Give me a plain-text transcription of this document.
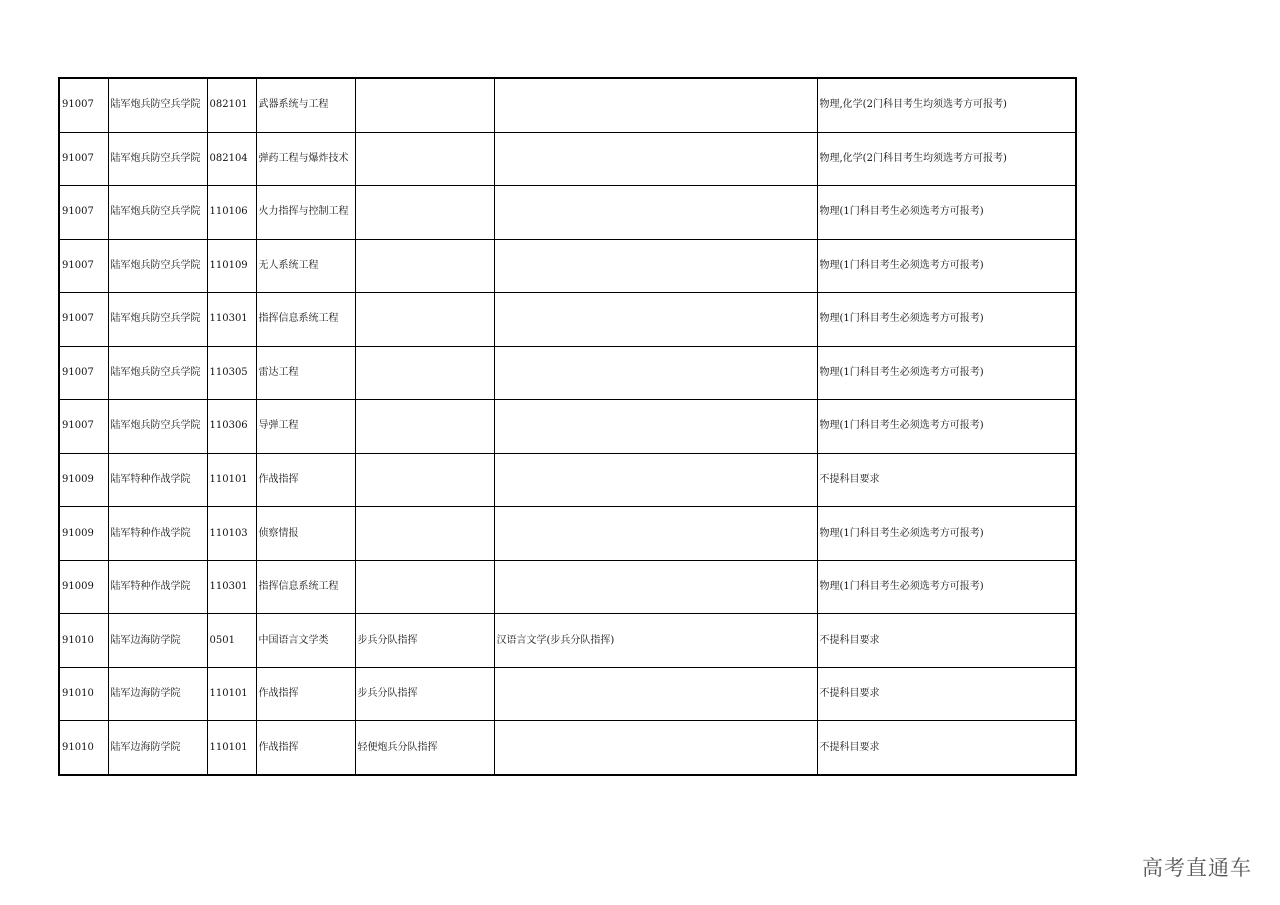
91007	陆军炮兵防空兵学院	082101	武器系统与工程			物理,化学(2门科目考生均须选考方可报考)
91007	陆军炮兵防空兵学院	082104	弹药工程与爆炸技术			物理,化学(2门科目考生均须选考方可报考)
91007	陆军炮兵防空兵学院	110106	火力指挥与控制工程			物理(1门科目考生必须选考方可报考)
91007	陆军炮兵防空兵学院	110109	无人系统工程			物理(1门科目考生必须选考方可报考)
91007	陆军炮兵防空兵学院	110301	指挥信息系统工程			物理(1门科目考生必须选考方可报考)
91007	陆军炮兵防空兵学院	110305	雷达工程			物理(1门科目考生必须选考方可报考)
91007	陆军炮兵防空兵学院	110306	导弹工程			物理(1门科目考生必须选考方可报考)
91009	陆军特种作战学院	110101	作战指挥			不提科目要求
91009	陆军特种作战学院	110103	侦察情报			物理(1门科目考生必须选考方可报考)
91009	陆军特种作战学院	110301	指挥信息系统工程			物理(1门科目考生必须选考方可报考)
91010	陆军边海防学院	0501	中国语言文学类	步兵分队指挥	汉语言文学(步兵分队指挥)	不提科目要求
91010	陆军边海防学院	110101	作战指挥	步兵分队指挥		不提科目要求
91010	陆军边海防学院	110101	作战指挥	轻便炮兵分队指挥		不提科目要求
高考直通车
